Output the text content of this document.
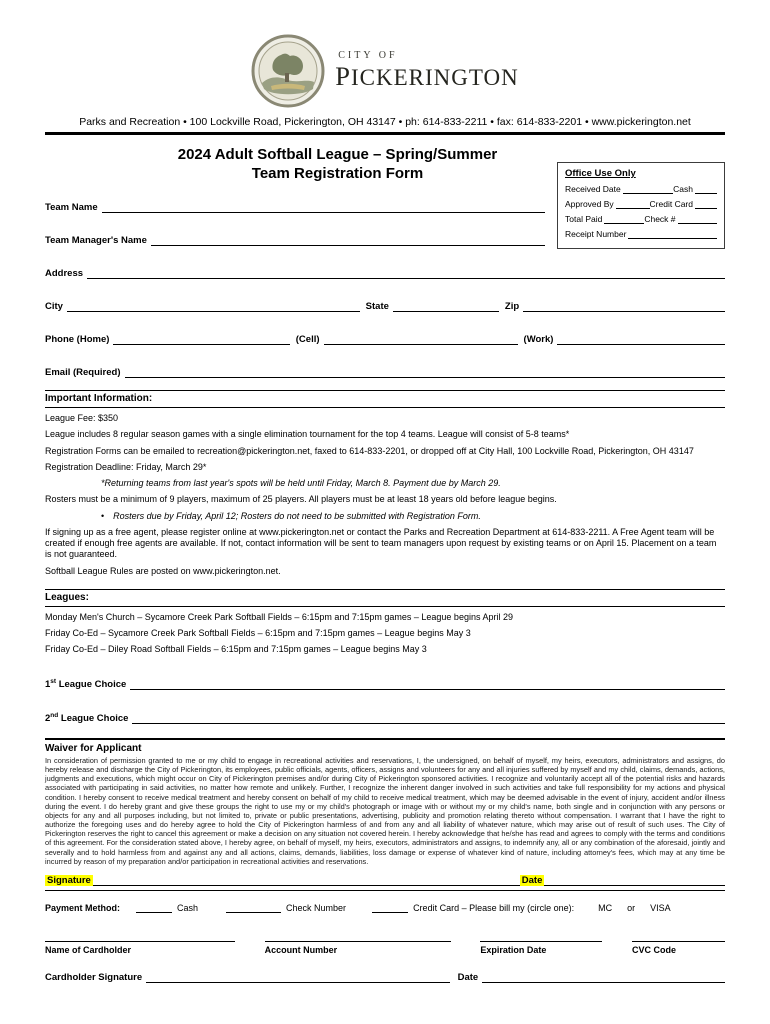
CITY OF
PICKERINGTON
Parks and Recreation • 100 Lockville Road, Pickerington, OH 43147 • ph: 614-833-2211 • fax: 614-833-2201 • www.pickerington.net
2024 Adult Softball League – Spring/Summer
Team Registration Form	Office Use Only
Received Date	Cash
Approved By	Credit Card
Total Paid	Check #
Receipt Number
Team Name
Team Manager's Name
Address
City	State	Zip
Phone (Home)	(Cell)	(Work)
Email (Required)
Important Information:
League Fee: $350
League includes 8 regular season games with a single elimination tournament for the top 4 teams. League will consist of 5-8 teams*
Registration Forms can be emailed to recreation@pickerington.net, faxed to 614-833-2201, or dropped off at City Hall, 100 Lockville Road, Pickerington, OH 43147
Registration Deadline: Friday, March 29*
*Returning teams from last year's spots will be held until Friday, March 8. Payment due by March 29.
Rosters must be a minimum of 9 players, maximum of 25 players. All players must be at least 18 years old before league begins.
• Rosters due by Friday, April 12; Rosters do not need to be submitted with Registration Form.
If signing up as a free agent, please register online at www.pickerington.net or contact the Parks and Recreation Department at 614-833-2211. A Free Agent team will be created if enough free agents are available. If not, contact information will be sent to team managers upon request by existing teams or on April 15. Placement on a team is not guaranteed.
Softball League Rules are posted on www.pickerington.net.
Leagues:
Monday Men's Church – Sycamore Creek Park Softball Fields – 6:15pm and 7:15pm games – League begins April 29
Friday Co-Ed – Sycamore Creek Park Softball Fields – 6:15pm and 7:15pm games – League begins May 3
Friday Co-Ed – Diley Road Softball Fields – 6:15pm and 7:15pm games – League begins May 3
1st League Choice
2nd League Choice
Waiver for Applicant
In consideration of permission granted to me or my child to engage in recreational activities and reservations, I, the undersigned, on behalf of myself, my heirs, executors, administrators and assigns, do hereby release and discharge the City of Pickerington, its employees, public officials, agents, officers, assigns and volunteers for any and all injuries suffered by myself and my child, claims, demands, actions, judgments and executions, which might occur on City of Pickerington premises and/or during City of Pickerington sponsored activities. I recognize and voluntarily accept all of the potential risks and hazards associated with participating in said activities, no matter how remote and unlikely. Further, I recognize the inherent danger involved in such activities and take full responsibility for my actions and physical condition. I hereby consent to receive medical treatment and hereby consent on behalf of my child to receive medical treatment, which may be deemed advisable in the event of injury, accident and/or illness during the event. I do hereby grant and give these groups the right to use my or my child's photograph or image with or without my or my child's name, both single and in conjunction with any persons or objects for any and all purposes including, but not limited to, private or public presentations, advertising, publicity and promotion relating thereto without compensation. I warrant that I have the right to authorize the foregoing uses and do hereby agree to hold the City of Pickerington harmless of and from any and all liability of whatever nature, which may arise out of result of such uses. The City of Pickerington reserves the right to cancel this agreement or make a decision on any situation not covered herein. I hereby acknowledge that he/she has read and agrees to comply with the terms and conditions of this agreement. For the consideration stated above, I hereby agree, on behalf of myself, my heirs, executors, administrators and assigns, to indemnify any, all or any combination of the aforesaid, jointly and severally and to hold harmless from and against any and all actions, claims, demands, liabilities, loss damage or expense of whatever kind of nature, including attorney's fees, which may at any time be incurred by reason of my preparation and/or participation in recreational activities and reservations.
Signature	Date
Payment Method:	Cash	Check Number	Credit Card – Please bill my (circle one):	MC or VISA
Name of Cardholder	Account Number	Expiration Date	CVC Code
Cardholder Signature	Date
